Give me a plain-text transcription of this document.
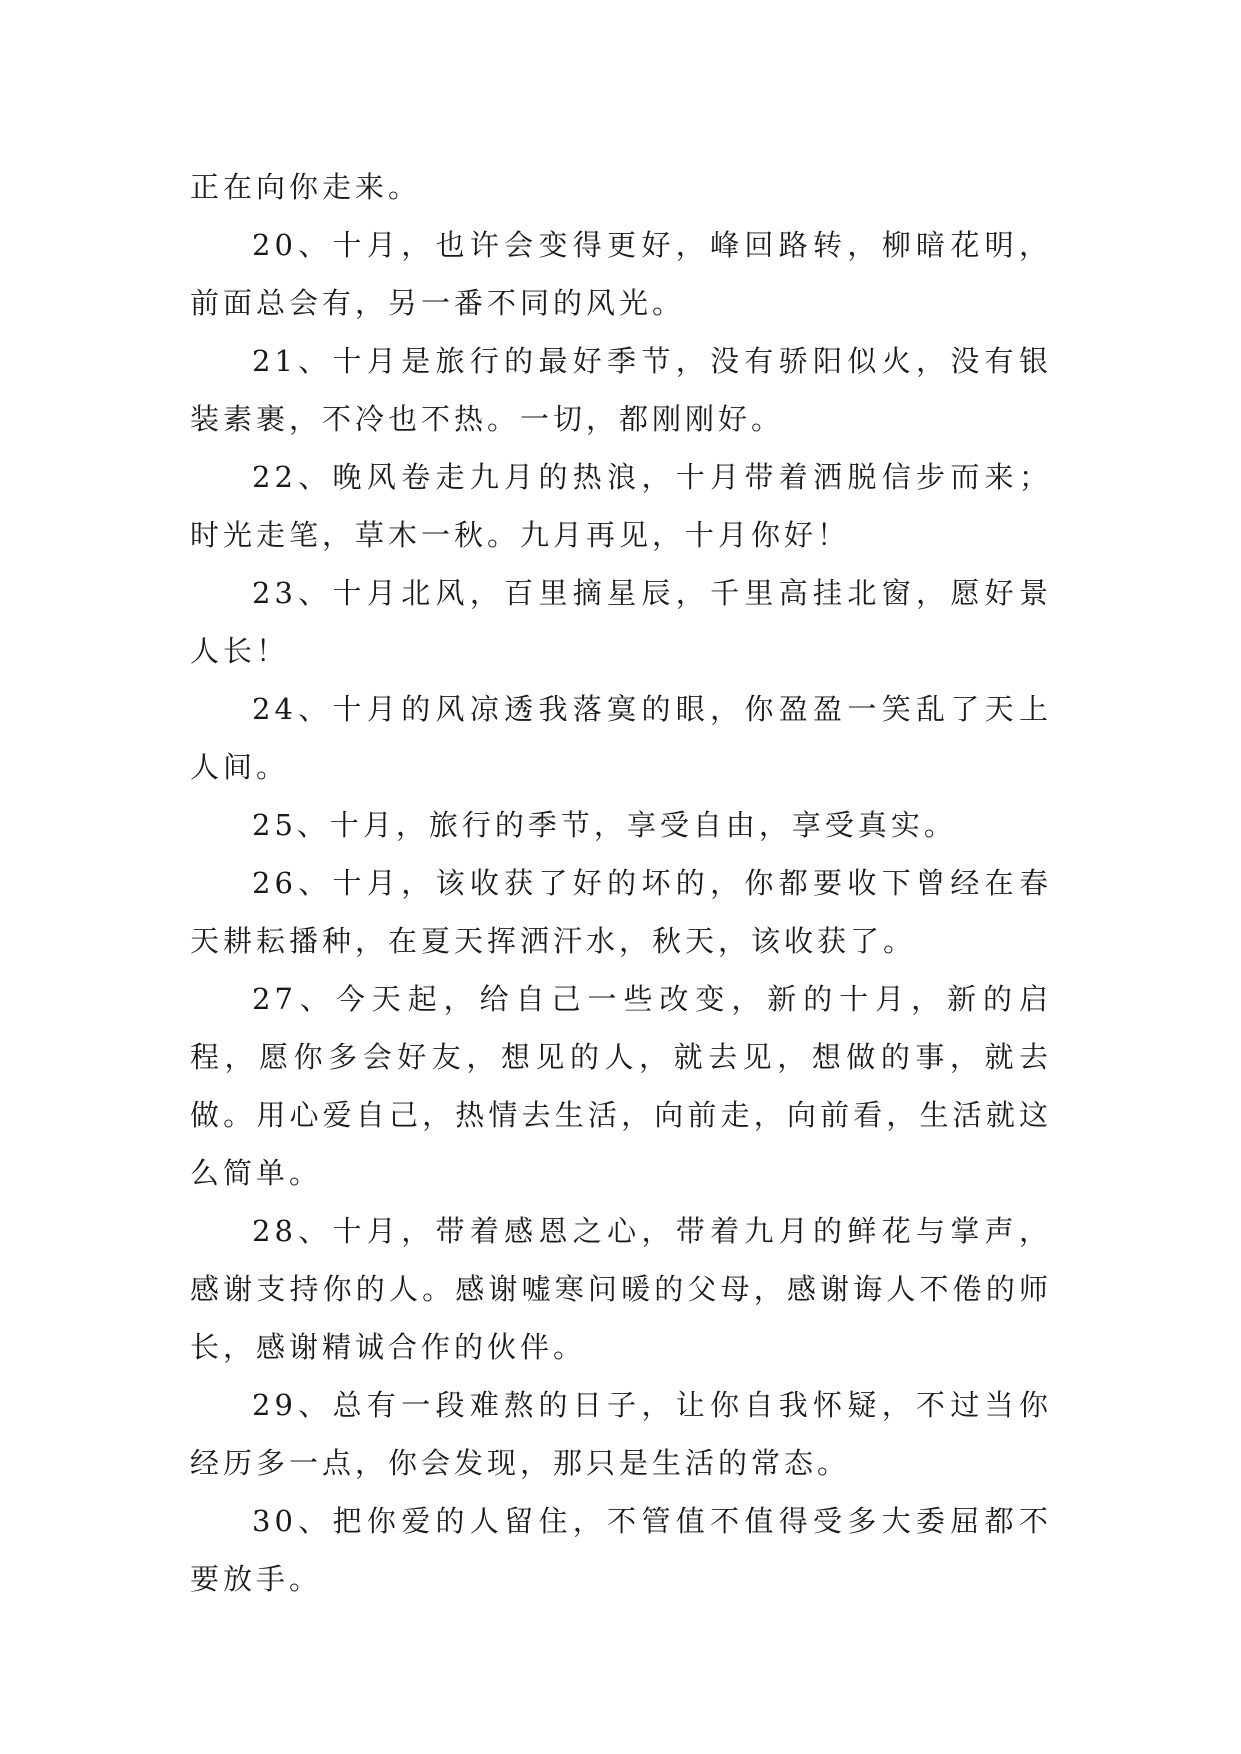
正在向你走来。

20、十月，也许会变得更好，峰回路转，柳暗花明，前面总会有，另一番不同的风光。

21、十月是旅行的最好季节，没有骄阳似火，没有银装素裹，不冷也不热。一切，都刚刚好。

22、晚风卷走九月的热浪，十月带着洒脱信步而来；时光走笔，草木一秋。九月再见，十月你好！

23、十月北风，百里摘星辰，千里高挂北窗，愿好景人长！

24、十月的风凉透我落寞的眼，你盈盈一笑乱了天上人间。

25、十月，旅行的季节，享受自由，享受真实。

26、十月，该收获了好的坏的，你都要收下曾经在春天耕耘播种，在夏天挥洒汗水，秋天，该收获了。

27、今天起，给自己一些改变，新的十月，新的启程，愿你多会好友，想见的人，就去见，想做的事，就去做。用心爱自己，热情去生活，向前走，向前看，生活就这么简单。

28、十月，带着感恩之心，带着九月的鲜花与掌声，感谢支持你的人。感谢嘘寒问暖的父母，感谢诲人不倦的师长，感谢精诚合作的伙伴。

29、总有一段难熬的日子，让你自我怀疑，不过当你经历多一点，你会发现，那只是生活的常态。

30、把你爱的人留住，不管值不值得受多大委屈都不要放手。
